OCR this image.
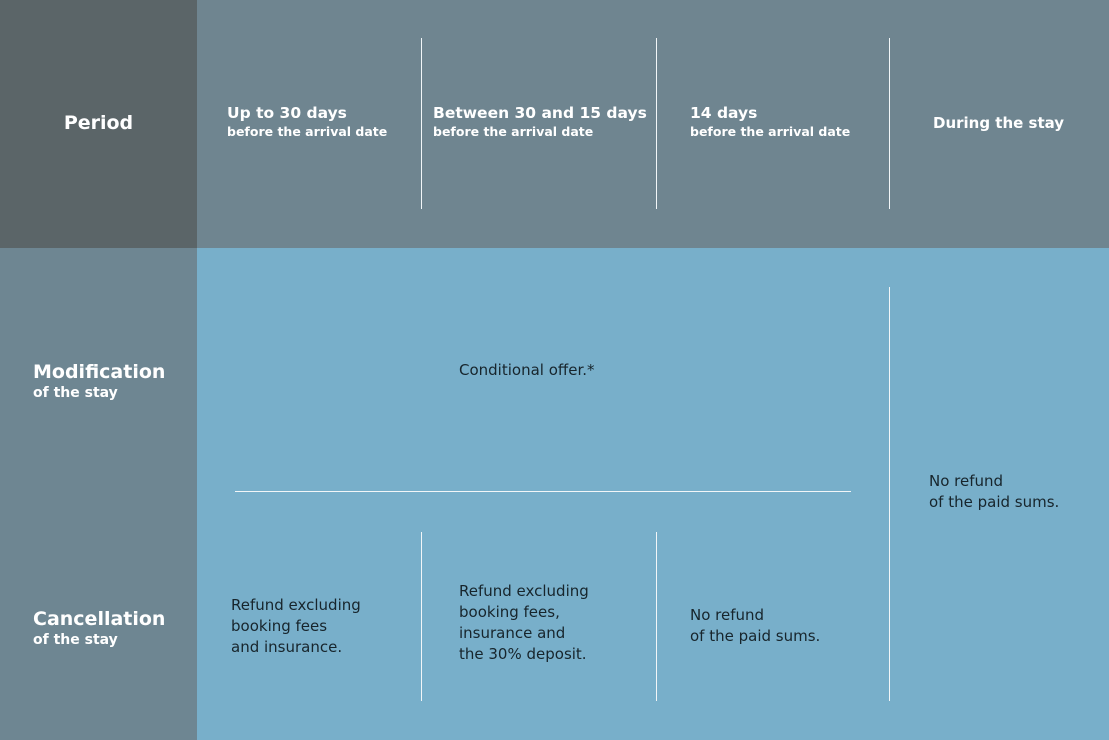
Period	Up to 30 days
before the arrival date
Between 30 and 15 days
before the arrival date
14 days
before the arrival date	During the stay
Modification
of the stay
Cancellation
of the stay
Conditional offer.*
Refund excluding
booking fees
and insurance.
Refund excluding
booking fees,
insurance and
the 30% deposit.
No refund
of the paid sums.
No refund
of the paid sums.
